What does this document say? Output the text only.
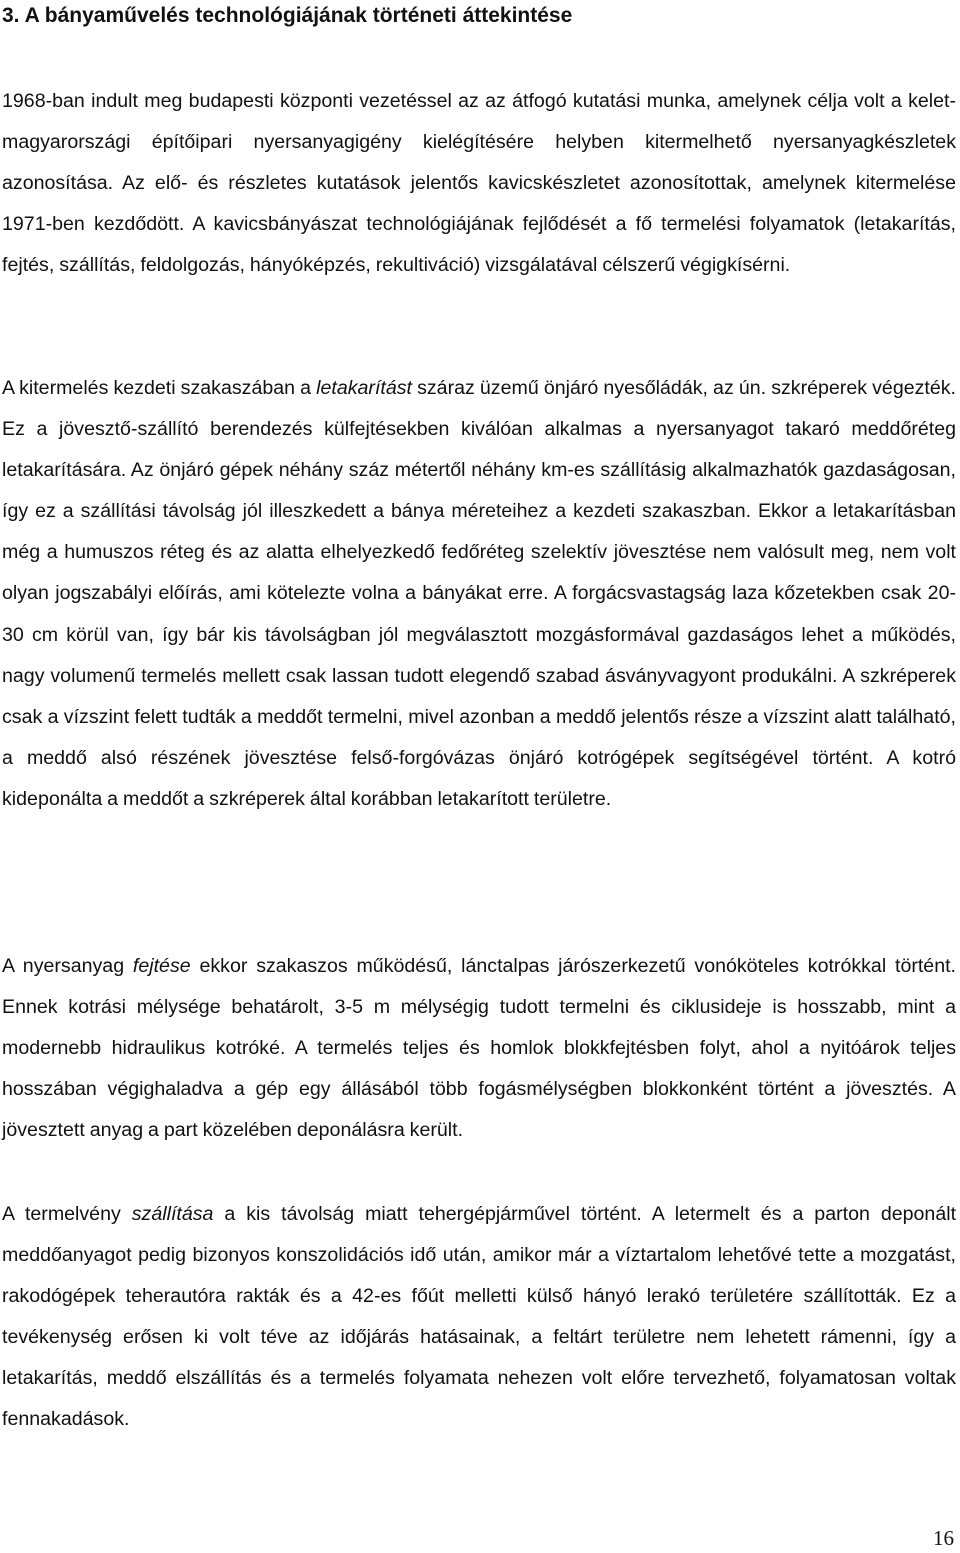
3. A bányaművelés technológiájának történeti áttekintése

1968-ban indult meg budapesti központi vezetéssel az az átfogó kutatási munka, amelynek célja volt a kelet-magyarországi építőipari nyersanyagigény kielégítésére helyben kitermelhető nyersanyagkészletek azonosítása. Az elő- és részletes kutatások jelentős kavicskészletet azonosítottak, amelynek kitermelése 1971-ben kezdődött. A kavicsbányászat technológiájának fejlődését a fő termelési folyamatok (letakarítás, fejtés, szállítás, feldolgozás, hányóképzés, rekultiváció) vizsgálatával célszerű végigkísérni.

A kitermelés kezdeti szakaszában a letakarítást száraz üzemű önjáró nyesőládák, az ún. szkréperek végezték. Ez a jövesztő-szállító berendezés külfejtésekben kiválóan alkalmas a nyersanyagot takaró meddőréteg letakarítására. Az önjáró gépek néhány száz métertől néhány km-es szállításig alkalmazhatók gazdaságosan, így ez a szállítási távolság jól illeszkedett a bánya méreteihez a kezdeti szakaszban. Ekkor a letakarításban még a humuszos réteg és az alatta elhelyezkedő fedőréteg szelektív jövesztése nem valósult meg, nem volt olyan jogszabályi előírás, ami kötelezte volna a bányákat erre. A forgácsvastagság laza kőzetekben csak 20-30 cm körül van, így bár kis távolságban jól megválasztott mozgásformával gazdaságos lehet a működés, nagy volumenű termelés mellett csak lassan tudott elegendő szabad ásványvagyont produkálni. A szkréperek csak a vízszint felett tudták a meddőt termelni, mivel azonban a meddő jelentős része a vízszint alatt található, a meddő alsó részének jövesztése felső-forgóvázas önjáró kotrógépek segítségével történt. A kotró kideponálta a meddőt a szkréperek által korábban letakarított területre.

A nyersanyag fejtése ekkor szakaszos működésű, lánctalpas járószerkezetű vonóköteles kotrókkal történt. Ennek kotrási mélysége behatárolt, 3-5 m mélységig tudott termelni és ciklusideje is hosszabb, mint a modernebb hidraulikus kotróké. A termelés teljes és homlok blokkfejtésben folyt, ahol a nyitóárok teljes hosszában végighaladva a gép egy állásából több fogásmélységben blokkonként történt a jövesztés. A jövesztett anyag a part közelében deponálásra került.

A termelvény szállítása a kis távolság miatt tehergépjárművel történt. A letermelt és a parton deponált meddőanyagot pedig bizonyos konszolidációs idő után, amikor már a víztartalom lehetővé tette a mozgatást, rakodógépek teherautóra rakták és a 42-es főút melletti külső hányó lerakó területére szállították. Ez a tevékenység erősen ki volt téve az időjárás hatásainak, a feltárt területre nem lehetett rámenni, így a letakarítás, meddő elszállítás és a termelés folyamata nehezen volt előre tervezhető, folyamatosan voltak fennakadások.

16
